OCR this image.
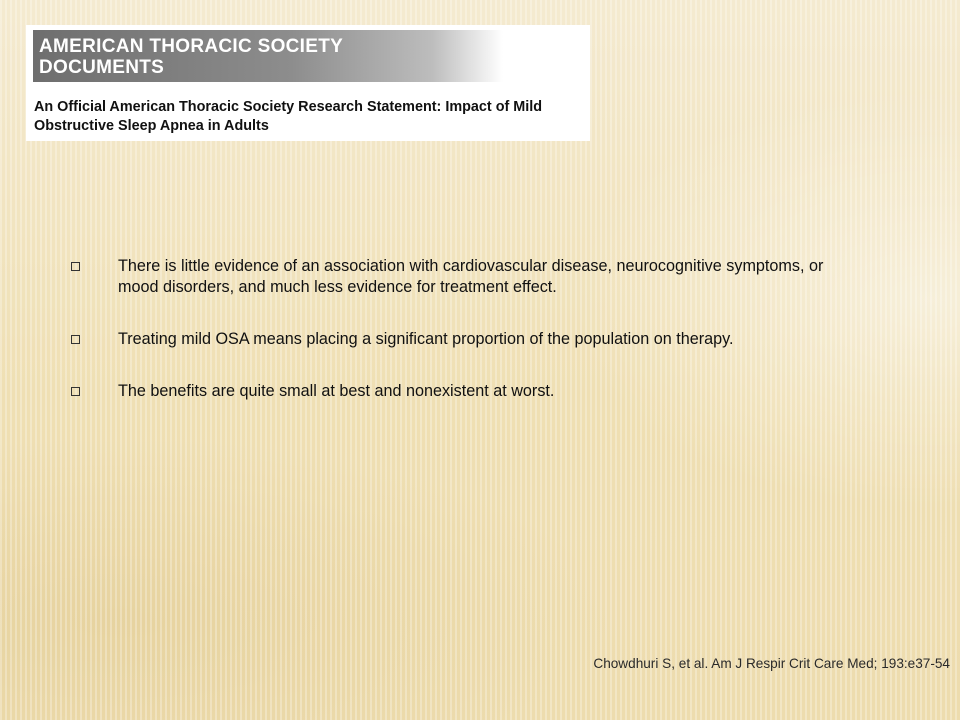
AMERICAN THORACIC SOCIETY
DOCUMENTS
An Official American Thoracic Society Research Statement: Impact of Mild Obstructive Sleep Apnea in Adults
There is little evidence of an association with cardiovascular disease, neurocognitive symptoms, or mood disorders, and much less evidence for treatment effect.
Treating mild OSA means placing a significant proportion of the population on therapy.
The benefits are quite small at best and nonexistent at worst.
Chowdhuri S, et al. Am J Respir Crit Care Med; 193:e37-54
